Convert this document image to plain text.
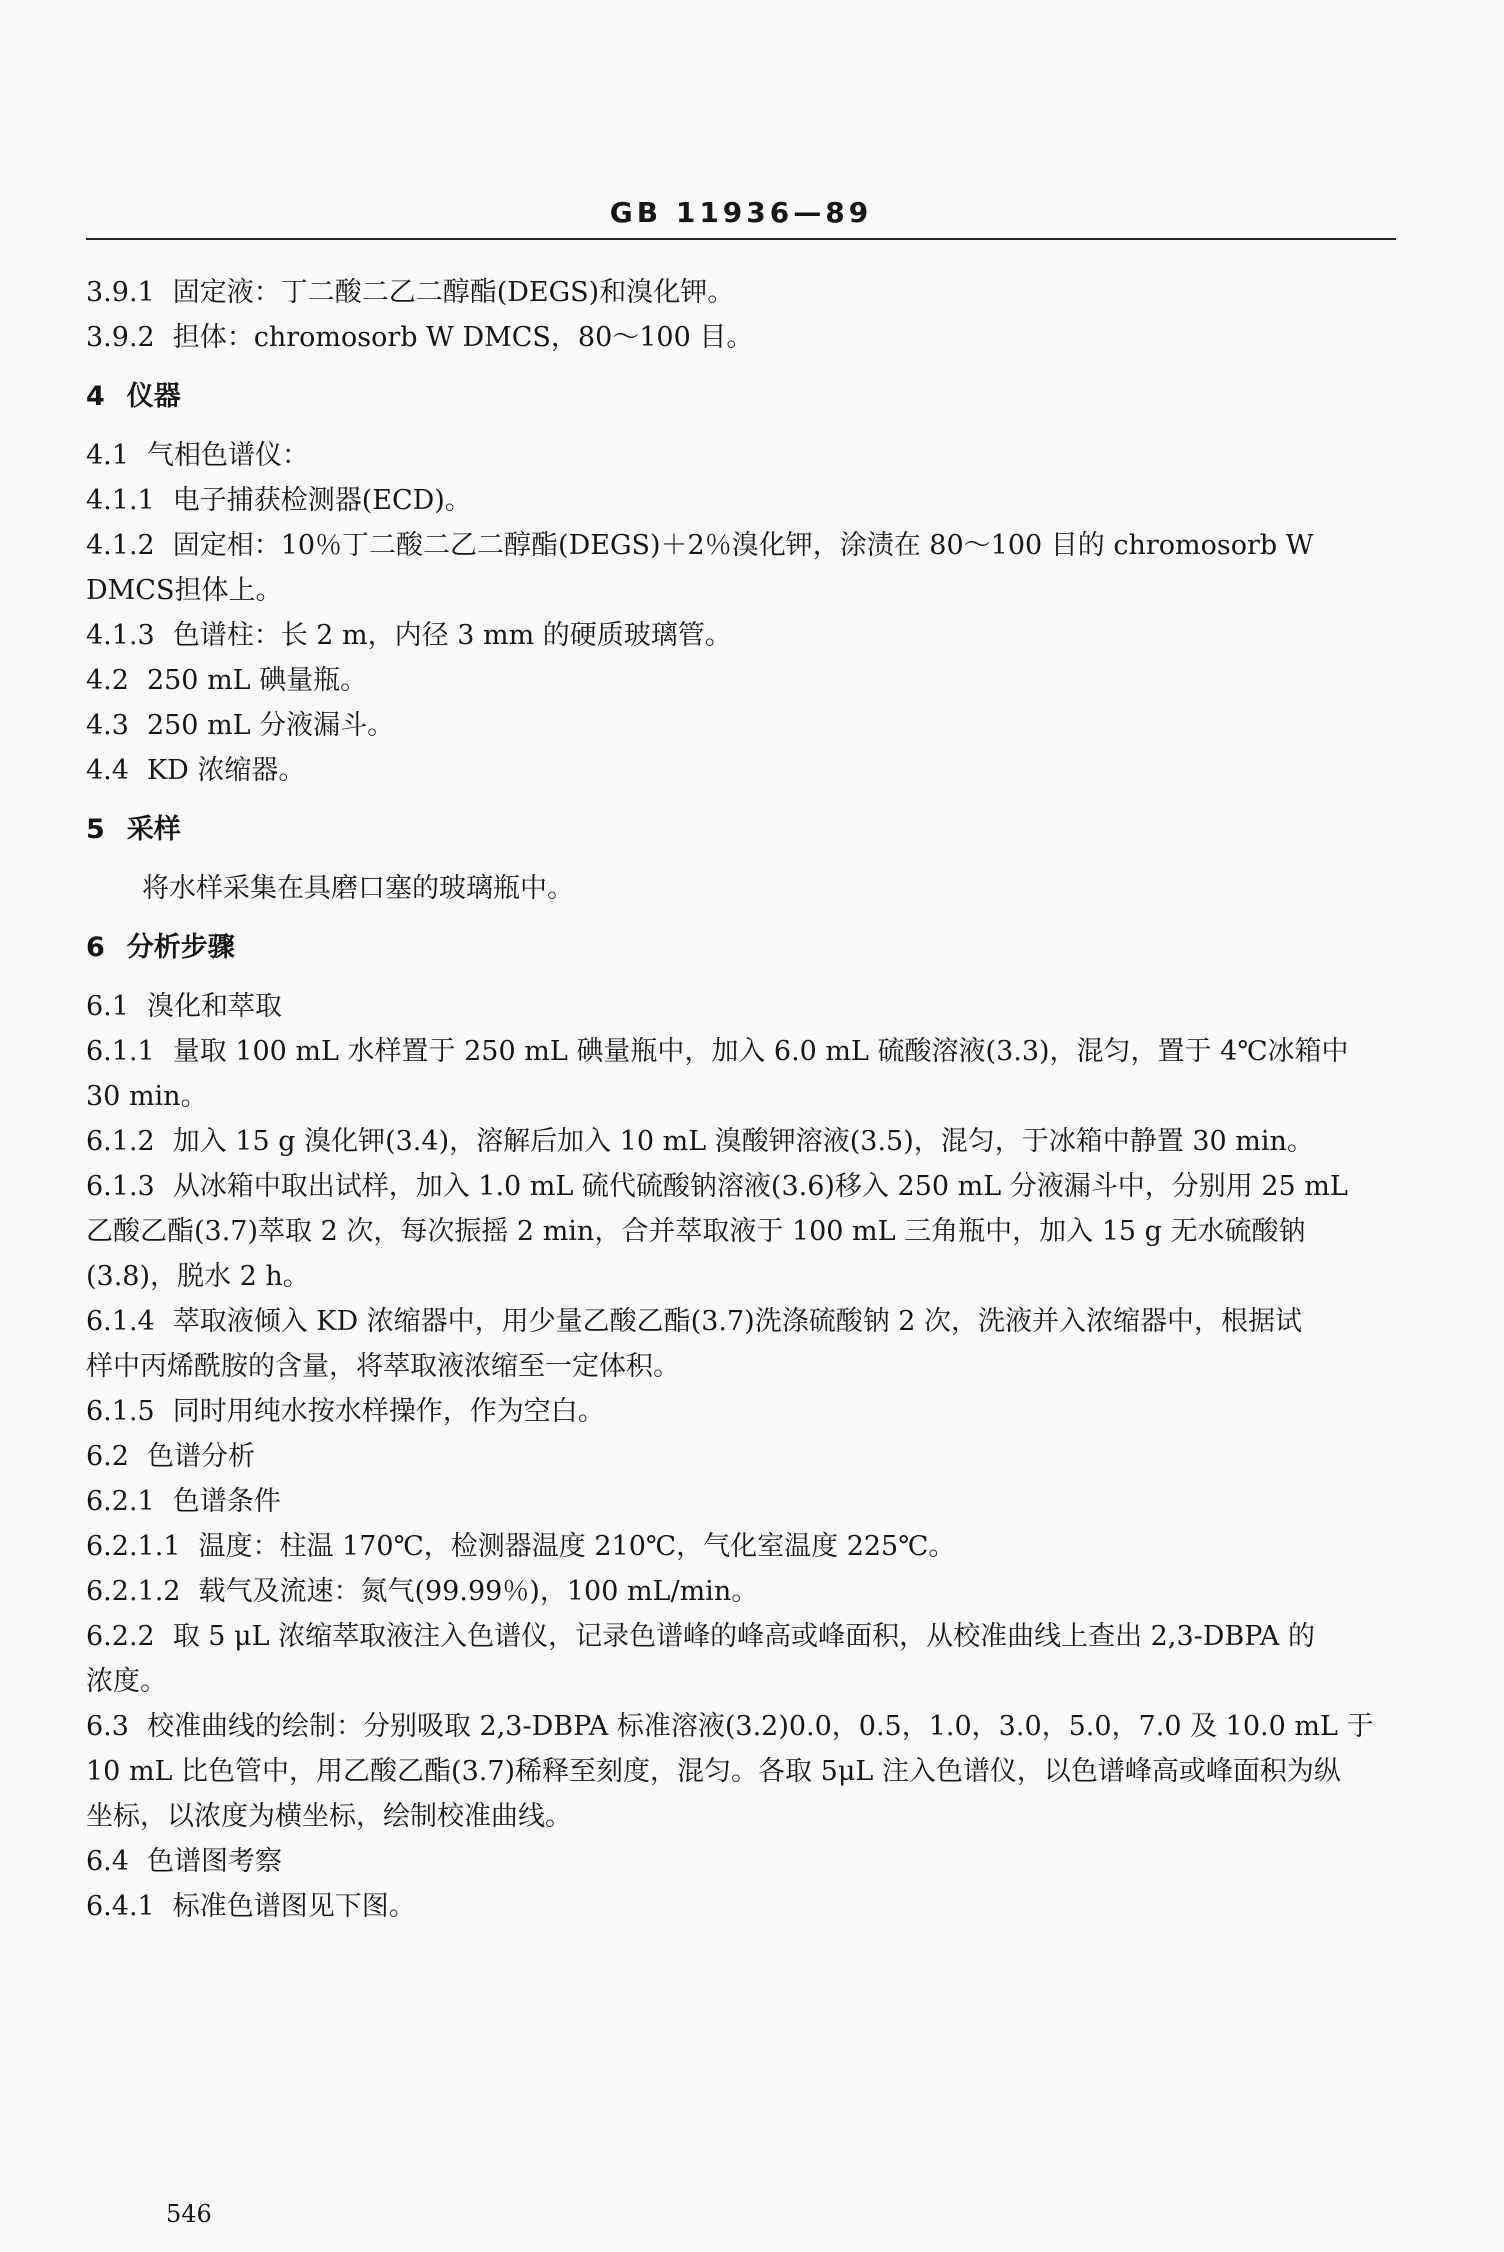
GB 11936—89
3.9.1 固定液：丁二酸二乙二醇酯(DEGS)和溴化钾。
3.9.2 担体：chromosorb W DMCS，80～100 目。
4 仪器
4.1 气相色谱仪：
4.1.1 电子捕获检测器(ECD)。
4.1.2 固定相：10％丁二酸二乙二醇酯(DEGS)＋2％溴化钾，涂渍在 80～100 目的 chromosorb W
DMCS担体上。
4.1.3 色谱柱：长 2 m，内径 3 mm 的硬质玻璃管。
4.2 250 mL 碘量瓶。
4.3 250 mL 分液漏斗。
4.4 KD 浓缩器。
5 采样
将水样采集在具磨口塞的玻璃瓶中。
6 分析步骤
6.1 溴化和萃取
6.1.1 量取 100 mL 水样置于 250 mL 碘量瓶中，加入 6.0 mL 硫酸溶液(3.3)，混匀，置于 4℃冰箱中
30 min。
6.1.2 加入 15 g 溴化钾(3.4)，溶解后加入 10 mL 溴酸钾溶液(3.5)，混匀，于冰箱中静置 30 min。
6.1.3 从冰箱中取出试样，加入 1.0 mL 硫代硫酸钠溶液(3.6)移入 250 mL 分液漏斗中，分别用 25 mL
乙酸乙酯(3.7)萃取 2 次，每次振摇 2 min，合并萃取液于 100 mL 三角瓶中，加入 15 g 无水硫酸钠
(3.8)，脱水 2 h。
6.1.4 萃取液倾入 KD 浓缩器中，用少量乙酸乙酯(3.7)洗涤硫酸钠 2 次，洗液并入浓缩器中，根据试
样中丙烯酰胺的含量，将萃取液浓缩至一定体积。
6.1.5 同时用纯水按水样操作，作为空白。
6.2 色谱分析
6.2.1 色谱条件
6.2.1.1 温度：柱温 170℃，检测器温度 210℃，气化室温度 225℃。
6.2.1.2 载气及流速：氮气(99.99％)，100 mL/min。
6.2.2 取 5 μL 浓缩萃取液注入色谱仪，记录色谱峰的峰高或峰面积，从校准曲线上查出 2,3-DBPA 的
浓度。
6.3 校准曲线的绘制：分别吸取 2,3-DBPA 标准溶液(3.2)0.0，0.5，1.0，3.0，5.0，7.0 及 10.0 mL 于
10 mL 比色管中，用乙酸乙酯(3.7)稀释至刻度，混匀。各取 5μL 注入色谱仪，以色谱峰高或峰面积为纵
坐标，以浓度为横坐标，绘制校准曲线。
6.4 色谱图考察
6.4.1 标准色谱图见下图。
546
